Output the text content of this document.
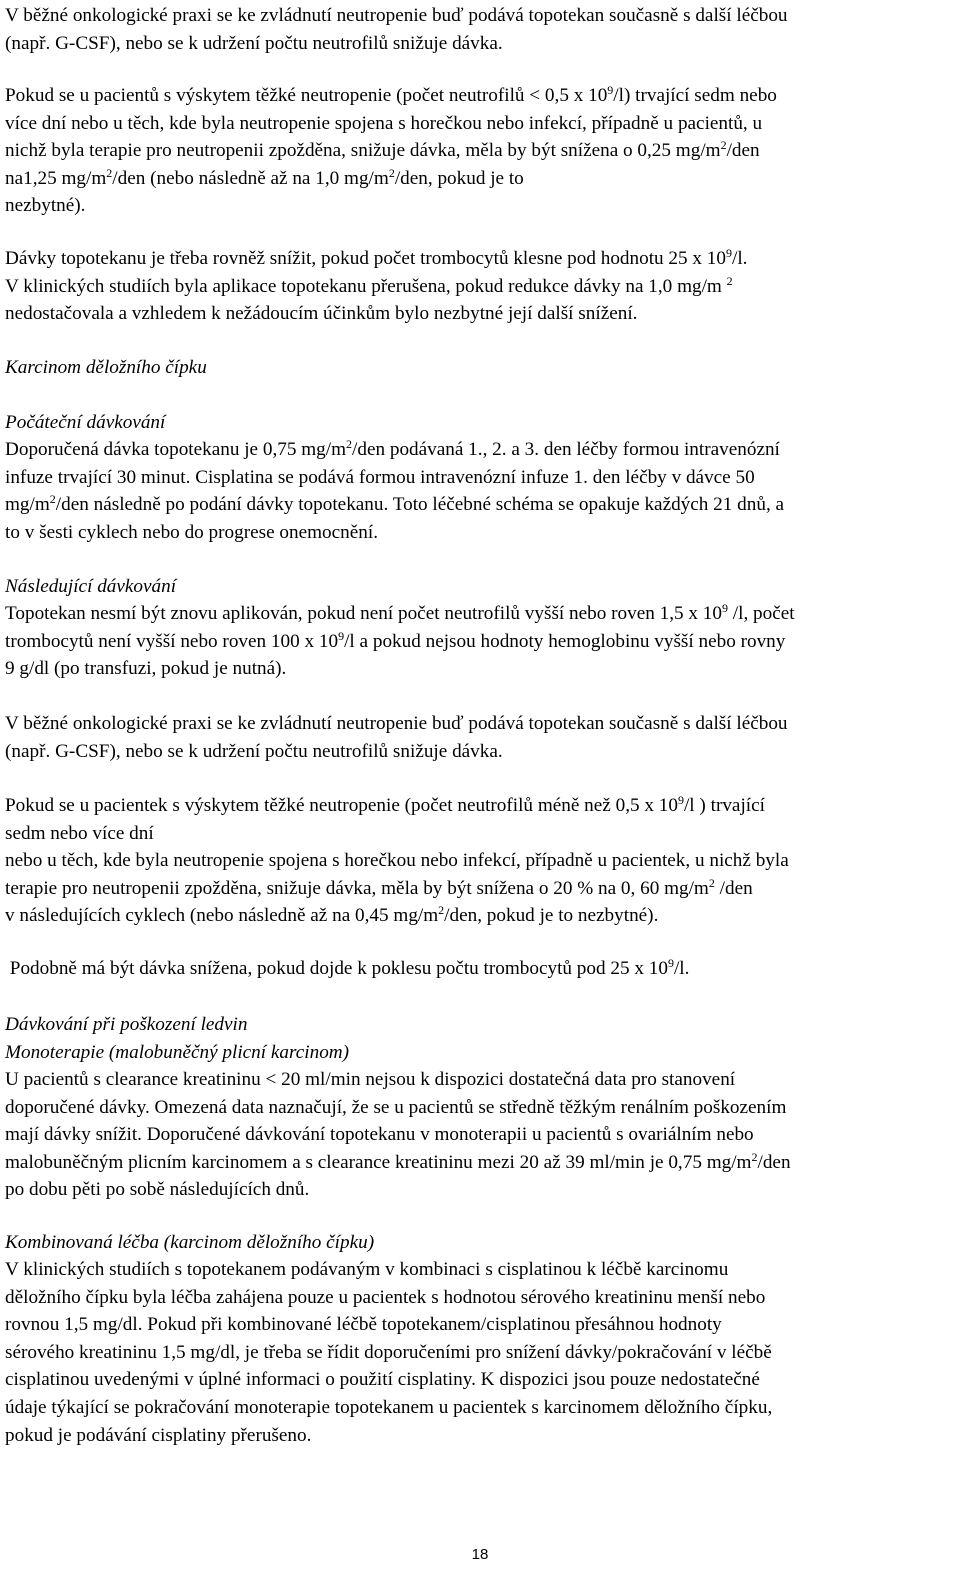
V běžné onkologické praxi se ke zvládnutí neutropenie buď podává topotekan současně s další léčbou

(např. G-CSF), nebo se k udržení počtu neutrofilů snižuje dávka.

Pokud se u pacientů s výskytem těžké neutropenie (počet neutrofilů < 0,5 x $10^9/l$) trvající sedm nebo

více dní nebo u těch, kde byla neutropenie spojena s horečkou nebo infekcí, případně u pacientů, u

nichž byla terapie pro neutropenii zpožděna, snižuje dávka, měla by být snížena o 0,25 $mg/m^2$/den

na1,25 $mg/m^2$/den (nebo následně až na 1,0 $mg/m^2$/den, pokud je to

nezbytné).

Dávky topotekanu je třeba rovněž snížit, pokud počet trombocytů klesne pod hodnotu 25 x $10^9/l$.

V klinických studiích byla aplikace topotekanu přerušena, pokud redukce dávky na 1,0 mg/m $^2$

nedostačovala a vzhledem k nežádoucím účinkům bylo nezbytné její další snížení.

Karcinom děložního čípku

Počáteční dávkování

Doporučená dávka topotekanu je 0,75 $mg/m^2$/den podávaná 1., 2. a 3. den léčby formou intravenózní

infuze trvající 30 minut. Cisplatina se podává formou intravenózní infuze 1. den léčby v dávce 50

$mg/m^2$/den následně po podání dávky topotekanu. Toto léčebné schéma se opakuje každých 21 dnů, a

to v šesti cyklech nebo do progrese onemocnění.

Následující dávkování

Topotekan nesmí být znovu aplikován, pokud není počet neutrofilů vyšší nebo roven 1,5 x $10^9$ /l, počet

trombocytů není vyšší nebo roven 100 x $10^9/l$ a pokud nejsou hodnoty hemoglobinu vyšší nebo rovny

9 g/dl (po transfuzi, pokud je nutná).

V běžné onkologické praxi se ke zvládnutí neutropenie buď podává topotekan současně s další léčbou

(např. G-CSF), nebo se k udržení počtu neutrofilů snižuje dávka.

Pokud se u pacientek s výskytem těžké neutropenie (počet neutrofilů méně než 0,5 x $10^9/l$ ) trvající

sedm nebo více dní

nebo u těch, kde byla neutropenie spojena s horečkou nebo infekcí, případně u pacientek, u nichž byla

terapie pro neutropenii zpožděna, snižuje dávka, měla by být snížena o 20 % na 0, 60 $mg/m^2$ /den

v následujících cyklech (nebo následně až na 0,45 $mg/m^2$/den, pokud je to nezbytné).

Podobně má být dávka snížena, pokud dojde k poklesu počtu trombocytů pod 25 x $10^9/l$.

Dávkování při poškození ledvin

Monoterapie (malobuněčný plicní karcinom)

U pacientů s clearance kreatininu < 20 ml/min nejsou k dispozici dostatečná data pro stanovení

doporučené dávky. Omezená data naznačují, že se u pacientů se středně těžkým renálním poškozením

mají dávky snížit. Doporučené dávkování topotekanu v monoterapii u pacientů s ovariálním nebo

malobuněčným plicním karcinomem a s clearance kreatininu mezi 20 až 39 ml/min je 0,75 $mg/m^2$/den

po dobu pěti po sobě následujících dnů.

Kombinovaná léčba (karcinom děložního čípku)

V klinických studiích s topotekanem podávaným v kombinaci s cisplatinou k léčbě karcinomu

děložního čípku byla léčba zahájena pouze u pacientek s hodnotou sérového kreatininu menší nebo

rovnou 1,5 mg/dl. Pokud při kombinované léčbě topotekanem/cisplatinou přesáhnou hodnoty

sérového kreatininu 1,5 mg/dl, je třeba se řídit doporučeními pro snížení dávky/pokračování v léčbě

cisplatinou uvedenými v úplné informaci o použití cisplatiny. K dispozici jsou pouze nedostatečné

údaje týkající se pokračování monoterapie topotekanem u pacientek s karcinomem děložního čípku,

pokud je podávání cisplatiny přerušeno.

18
